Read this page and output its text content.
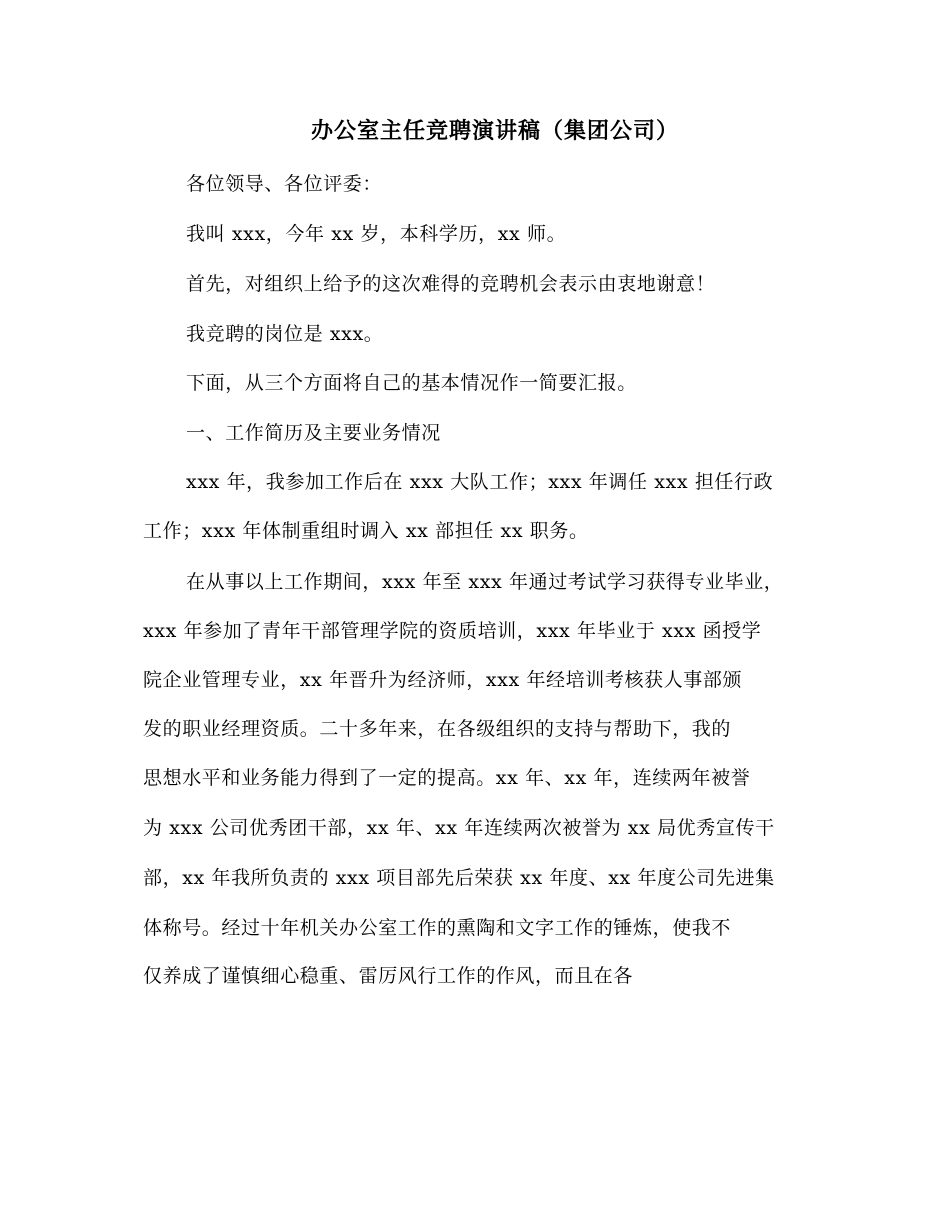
办公室主任竞聘演讲稿（集团公司）
各位领导、各位评委：
我叫 xxx，今年 xx 岁，本科学历，xx 师。
首先，对组织上给予的这次难得的竞聘机会表示由衷地谢意！
我竞聘的岗位是 xxx。
下面，从三个方面将自己的基本情况作一简要汇报。
一、工作简历及主要业务情况
xxx 年，我参加工作后在 xxx 大队工作；xxx 年调任 xxx 担任行政
工作；xxx 年体制重组时调入 xx 部担任 xx 职务。
在从事以上工作期间，xxx 年至 xxx 年通过考试学习获得专业毕业，
xxx 年参加了青年干部管理学院的资质培训，xxx 年毕业于 xxx 函授学
院企业管理专业，xx 年晋升为经济师，xxx 年经培训考核获人事部颁
发的职业经理资质。二十多年来，在各级组织的支持与帮助下，我的
思想水平和业务能力得到了一定的提高。xx 年、xx 年，连续两年被誉
为 xxx 公司优秀团干部，xx 年、xx 年连续两次被誉为 xx 局优秀宣传干
部，xx 年我所负责的 xxx 项目部先后荣获 xx 年度、xx 年度公司先进集
体称号。经过十年机关办公室工作的熏陶和文字工作的锤炼，使我不
仅养成了谨慎细心稳重、雷厉风行工作的作风，而且在各
